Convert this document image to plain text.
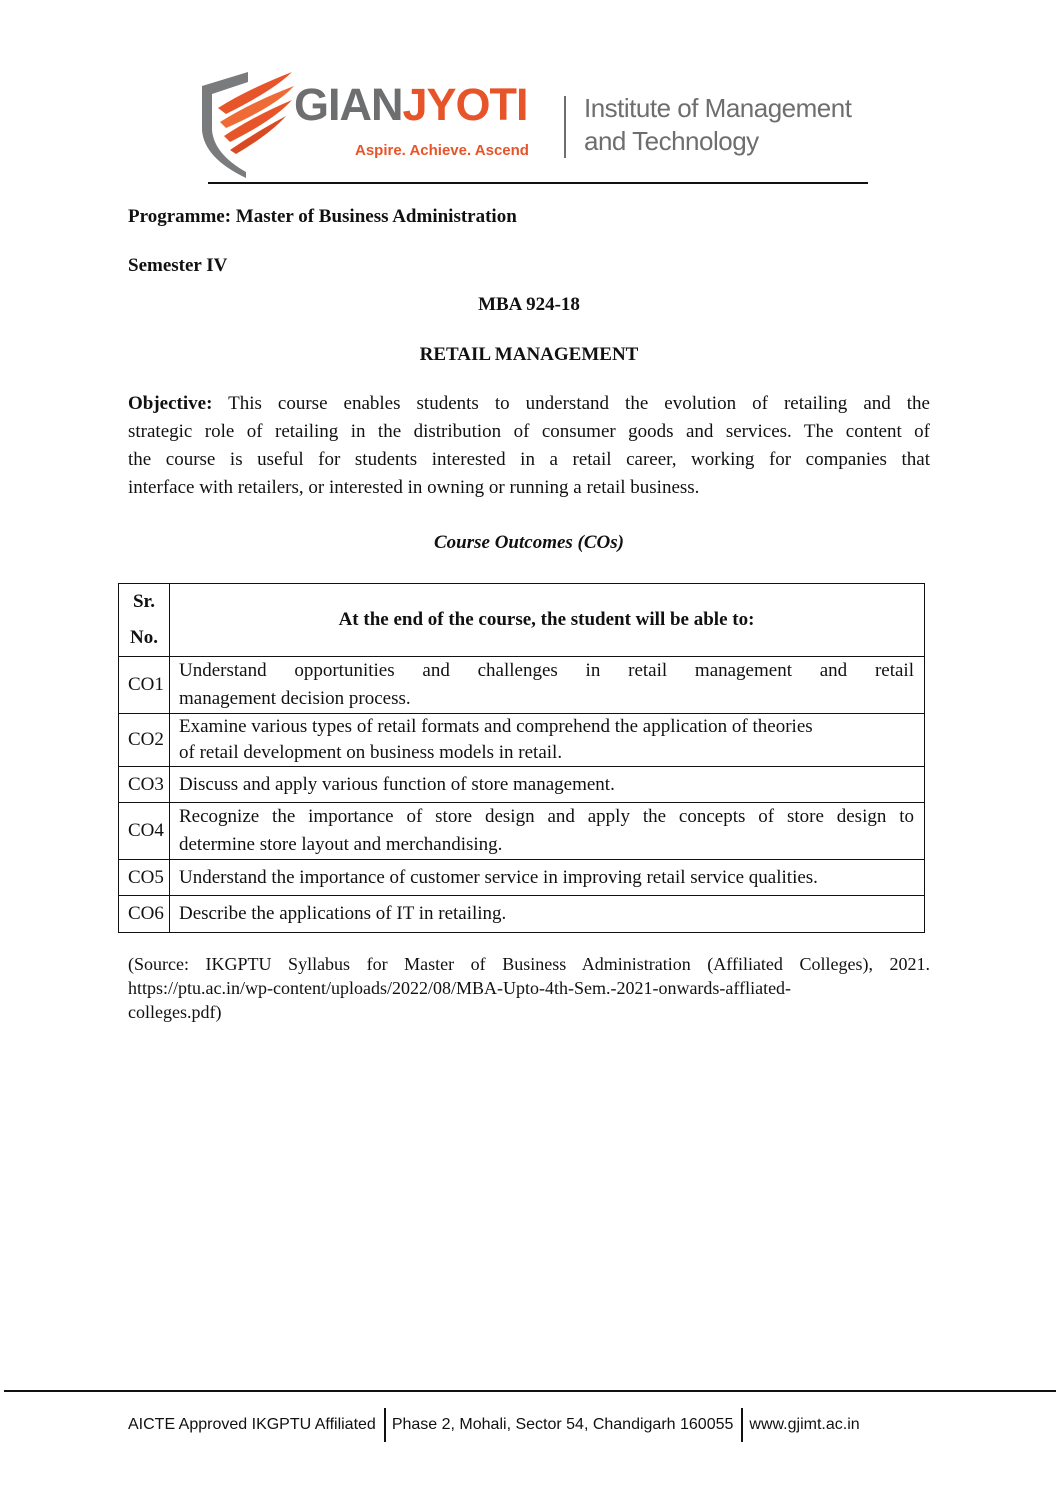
GIANJYOTI
Aspire. Achieve. Ascend
Institute of Management
and Technology
Programme: Master of Business Administration
Semester IV
MBA 924-18
RETAIL MANAGEMENT
Objective: This course enables students to understand the evolution of retailing and the
strategic role of retailing in the distribution of consumer goods and services. The content of
the course is useful for students interested in a retail career, working for companies that
interface with retailers, or interested in owning or running a retail business.
Course Outcomes (COs)
Sr.
No.	At the end of the course, the student will be able to:
CO1	Understand opportunities and challenges in retail management and retail
management decision process.

CO2	Examine various types of retail formats and comprehend the application of theories
of retail development on business models in retail.

CO3	Discuss and apply various function of store management.
CO4	Recognize the importance of store design and apply the concepts of store design to
determine store layout and merchandising.

CO5	Understand the importance of customer service in improving retail service qualities.
CO6	Describe the applications of IT in retailing.
(Source: IKGPTU Syllabus for Master of Business Administration (Affiliated Colleges), 2021.
https://ptu.ac.in/wp-content/uploads/2022/08/MBA-Upto-4th-Sem.-2021-onwards-affliated-
colleges.pdf)
AICTE Approved IKGPTU Affiliated Phase 2, Mohali, Sector 54, Chandigarh 160055 www.gjimt.ac.in
